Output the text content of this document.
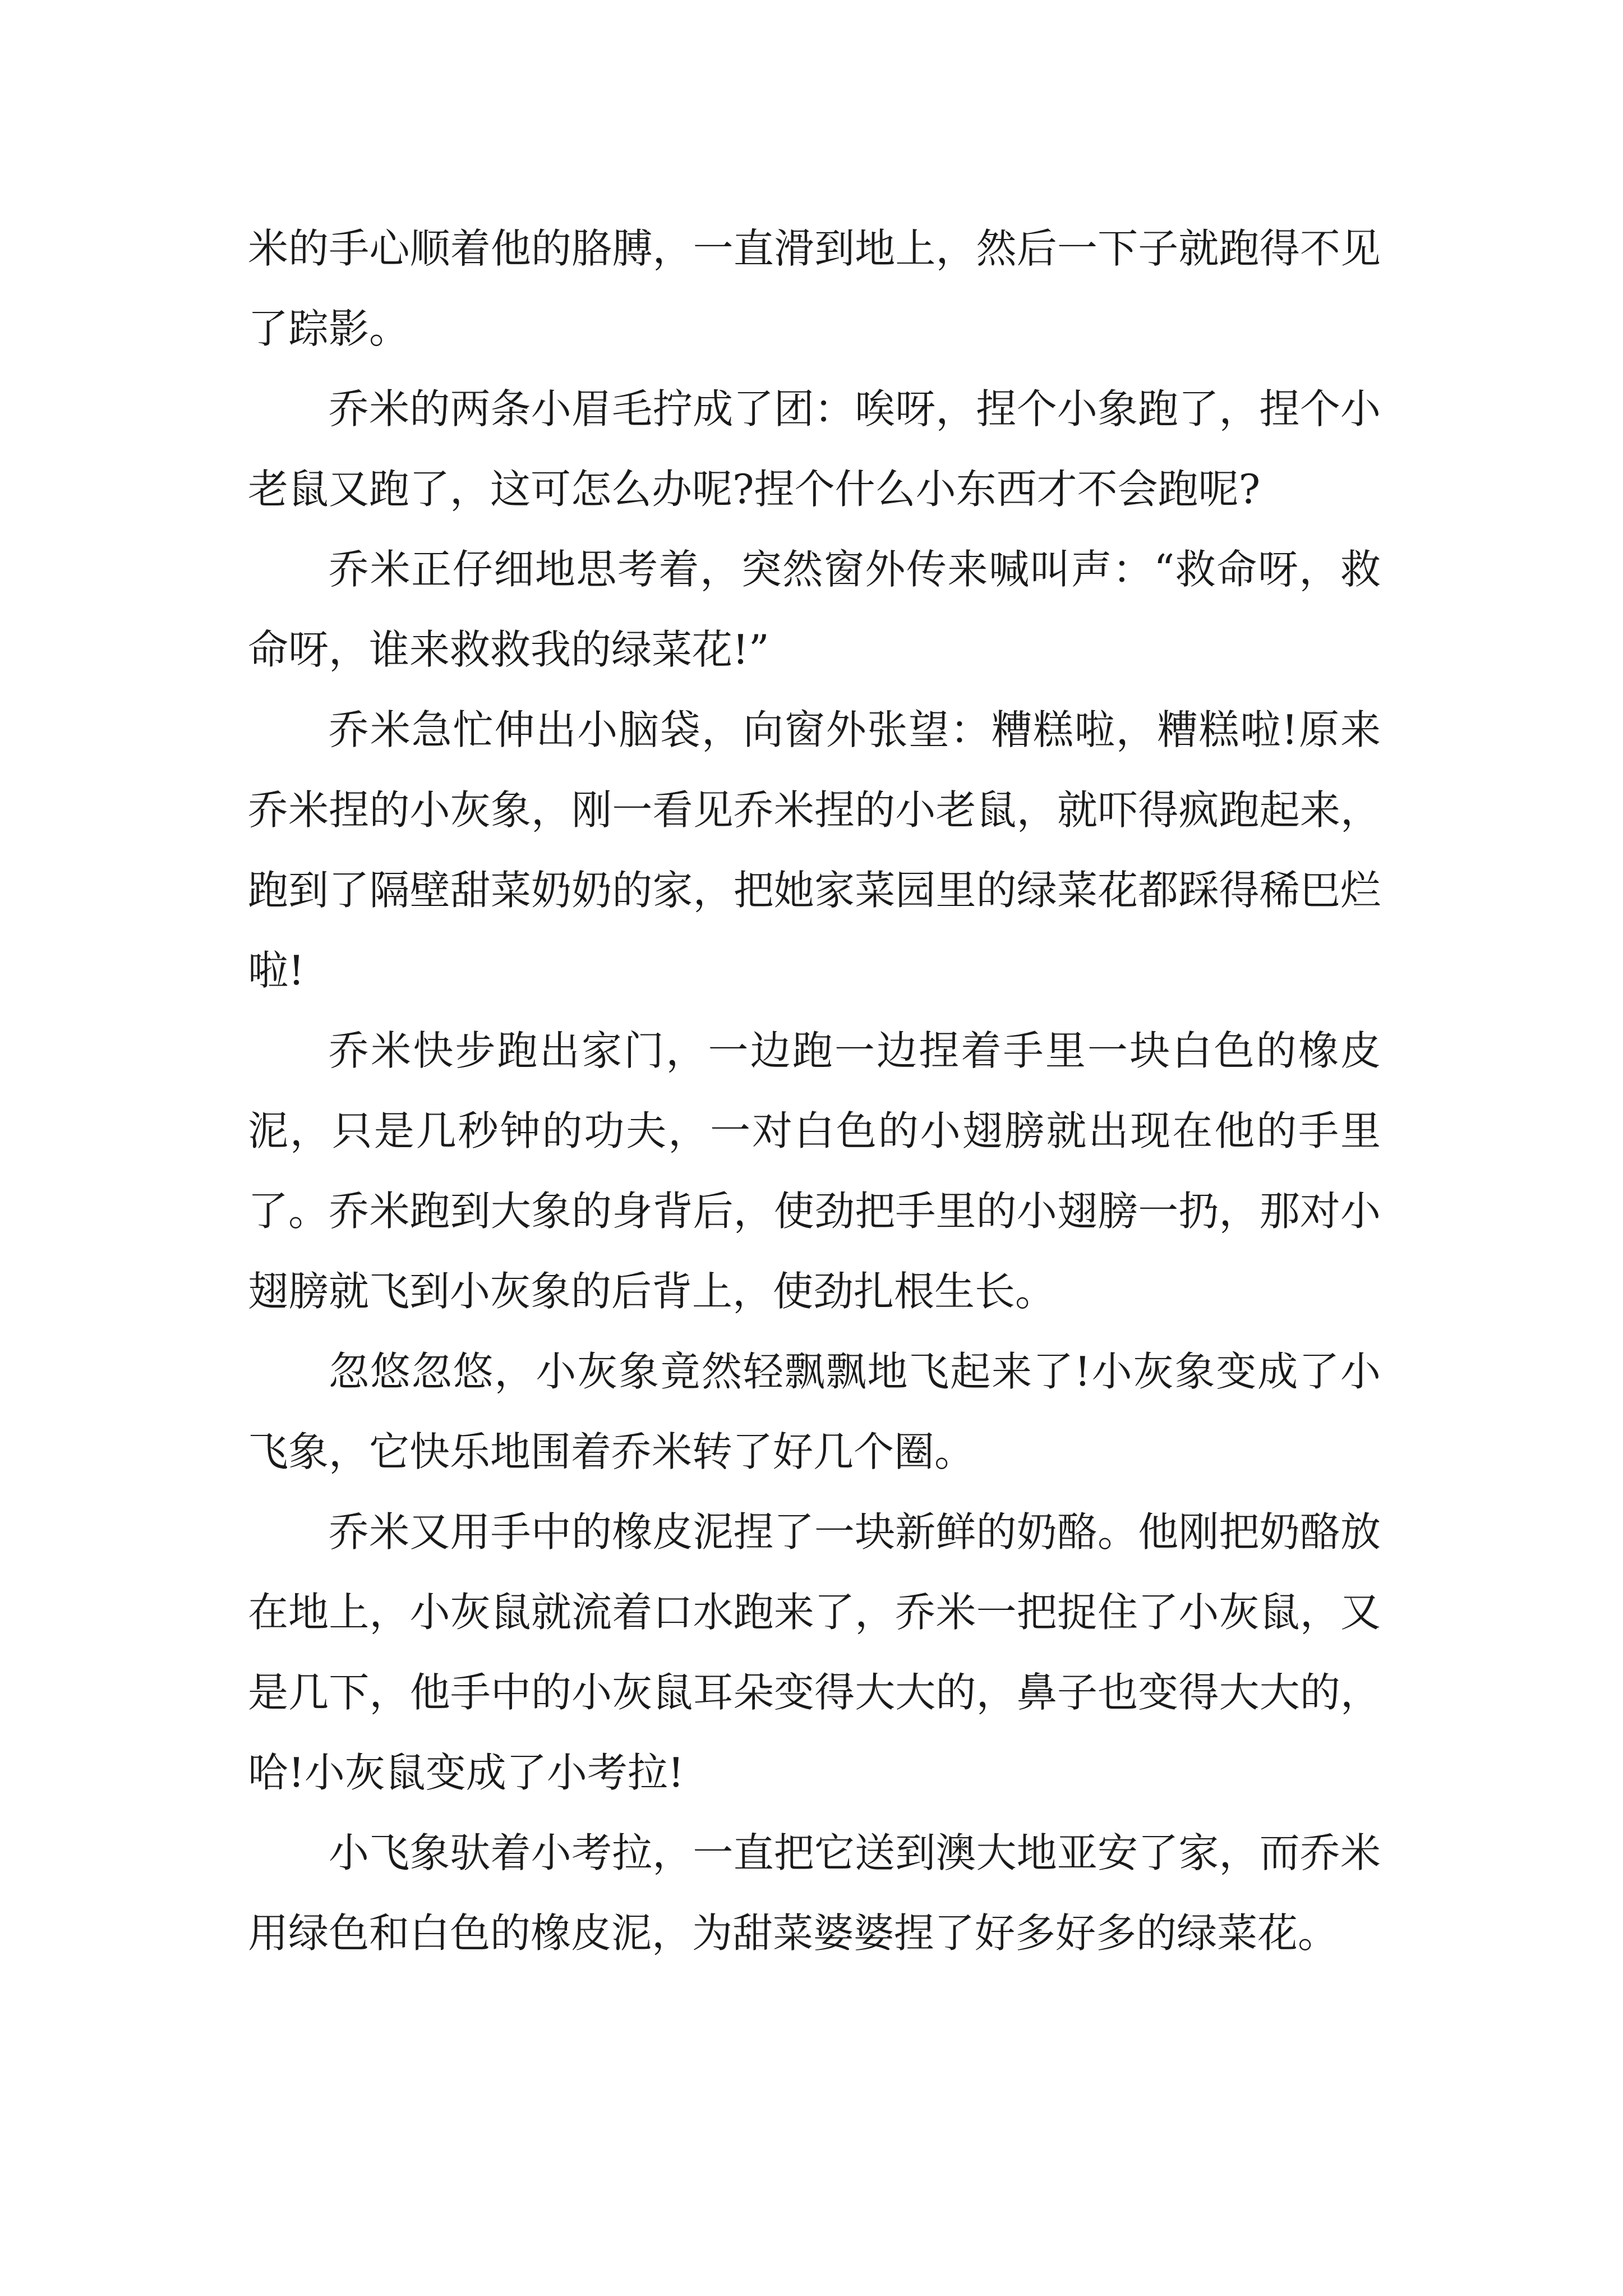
米的手心顺着他的胳膊，一直滑到地上，然后一下子就跑得不见了踪影。

乔米的两条小眉毛拧成了团：唉呀，捏个小象跑了，捏个小老鼠又跑了，这可怎么办呢?捏个什么小东西才不会跑呢?

乔米正仔细地思考着，突然窗外传来喊叫声：“救命呀，救命呀，谁来救救我的绿菜花!”

乔米急忙伸出小脑袋，向窗外张望：糟糕啦，糟糕啦!原来乔米捏的小灰象，刚一看见乔米捏的小老鼠，就吓得疯跑起来，跑到了隔壁甜菜奶奶的家，把她家菜园里的绿菜花都踩得稀巴烂啦!

乔米快步跑出家门，一边跑一边捏着手里一块白色的橡皮泥，只是几秒钟的功夫，一对白色的小翅膀就出现在他的手里了。乔米跑到大象的身背后，使劲把手里的小翅膀一扔，那对小翅膀就飞到小灰象的后背上，使劲扎根生长。

忽悠忽悠，小灰象竟然轻飘飘地飞起来了!小灰象变成了小飞象，它快乐地围着乔米转了好几个圈。

乔米又用手中的橡皮泥捏了一块新鲜的奶酪。他刚把奶酪放在地上，小灰鼠就流着口水跑来了，乔米一把捉住了小灰鼠，又是几下，他手中的小灰鼠耳朵变得大大的，鼻子也变得大大的，哈!小灰鼠变成了小考拉!

小飞象驮着小考拉，一直把它送到澳大地亚安了家，而乔米用绿色和白色的橡皮泥，为甜菜婆婆捏了好多好多的绿菜花。
